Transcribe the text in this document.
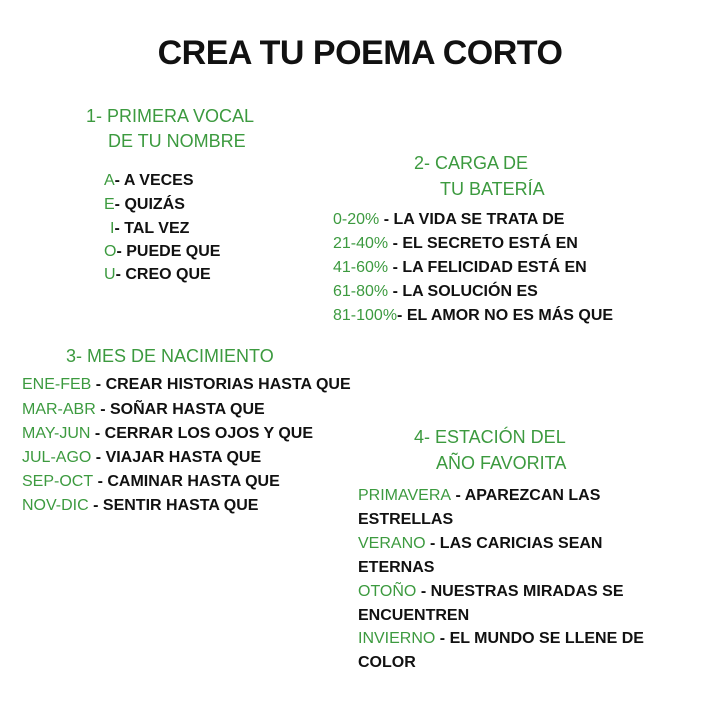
CREA TU POEMA CORTO
1- PRIMERA VOCAL
DE TU NOMBRE
A- A VECES
E- QUIZÁS
I- TAL VEZ
O- PUEDE QUE
U- CREO QUE
2- CARGA DE
TU BATERÍA
0-20% - LA VIDA SE TRATA DE
21-40% - EL SECRETO ESTÁ EN
41-60% - LA FELICIDAD ESTÁ EN
61-80% - LA SOLUCIÓN ES
81-100%- EL AMOR NO ES MÁS QUE
3- MES DE NACIMIENTO
ENE-FEB - CREAR HISTORIAS HASTA QUE
MAR-ABR - SOÑAR HASTA QUE
MAY-JUN - CERRAR LOS OJOS Y QUE
JUL-AGO - VIAJAR HASTA QUE
SEP-OCT - CAMINAR HASTA QUE
NOV-DIC - SENTIR HASTA QUE
4- ESTACIÓN DEL
AÑO FAVORITA
PRIMAVERA - APAREZCAN LAS ESTRELLAS
VERANO - LAS CARICIAS SEAN ETERNAS
OTOÑO - NUESTRAS MIRADAS SE ENCUENTREN
INVIERNO - EL MUNDO SE LLENE DE COLOR
